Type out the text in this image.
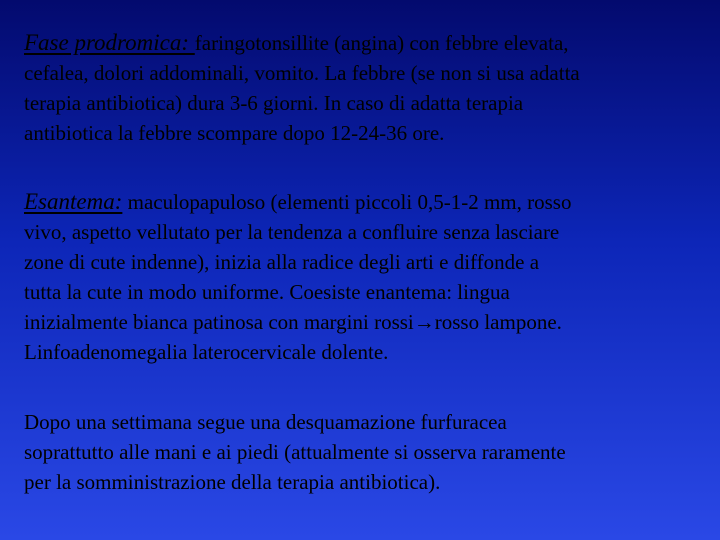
Fase prodromica: faringotonsillite (angina) con febbre elevata,
cefalea, dolori addominali, vomito. La febbre (se non si usa adatta
terapia antibiotica) dura 3-6 giorni. In caso di adatta terapia
antibiotica la febbre scompare dopo 12-24-36 ore.
Esantema: maculopapuloso (elementi piccoli 0,5-1-2 mm, rosso
vivo, aspetto vellutato per la tendenza a confluire senza lasciare
zone di cute indenne), inizia alla radice degli arti e diffonde a
tutta la cute in modo uniforme. Coesiste enantema: lingua
inizialmente bianca patinosa con margini rossi→rosso lampone.
Linfoadenomegalia laterocervicale dolente.
Dopo una settimana segue una desquamazione furfuracea
soprattutto alle mani e ai piedi (attualmente si osserva raramente
per la somministrazione della terapia antibiotica).
